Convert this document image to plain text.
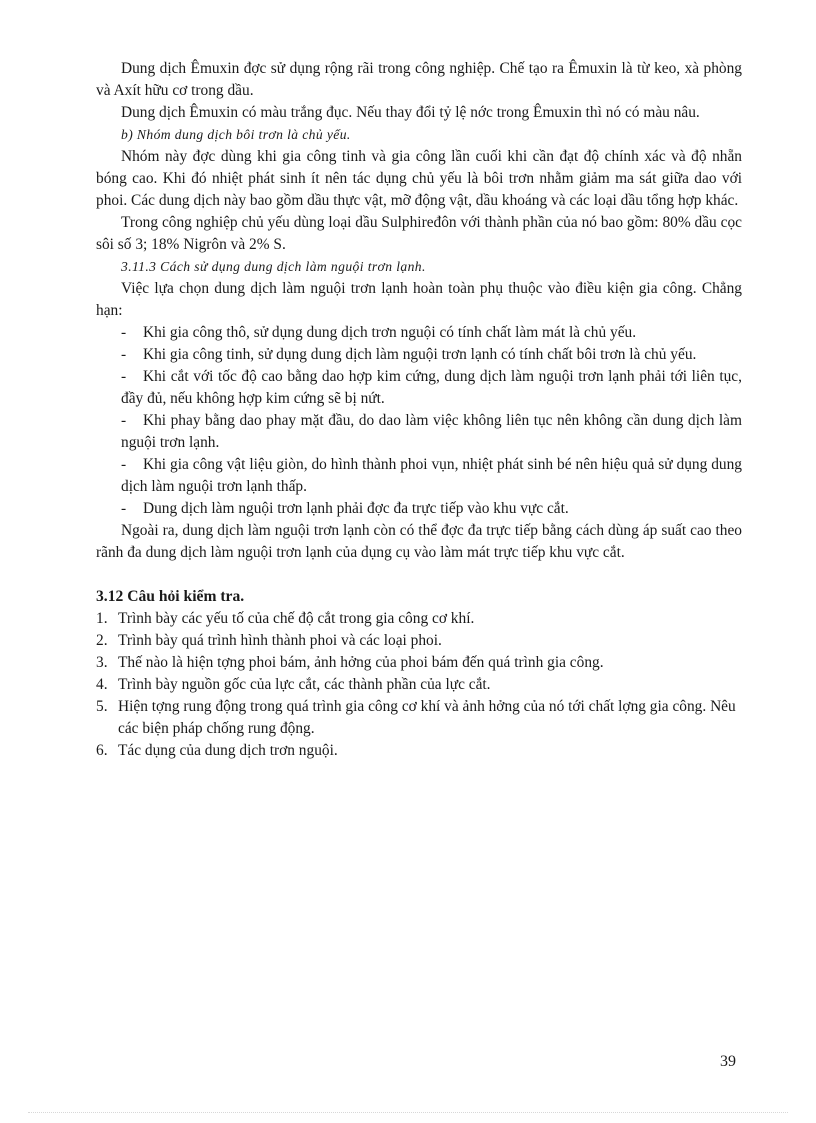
Dung dịch Êmuxin đợc sử dụng rộng rãi trong công nghiệp. Chế tạo ra Êmuxin là từ keo, xà phòng và Axít hữu cơ trong dầu.

Dung dịch Êmuxin có màu trắng đục. Nếu thay đổi tỷ lệ nớc trong Êmuxin thì nó có màu nâu.

b) Nhóm dung dịch bôi trơn là chủ yếu.

Nhóm này đợc dùng khi gia công tinh và gia công lần cuối khi cần đạt độ chính xác và độ nhẵn bóng cao. Khi đó nhiệt phát sinh ít nên tác dụng chủ yếu là bôi trơn nhằm giảm ma sát giữa dao với phoi. Các dung dịch này bao gồm dầu thực vật, mỡ động vật, dầu khoáng và các loại dầu tổng hợp khác.

Trong công nghiệp chủ yếu dùng loại dầu Sulphiređôn với thành phần của nó bao gồm: 80% dầu cọc sôi số 3; 18% Nigrôn và 2% S.

3.11.3 Cách sử dụng dung dịch làm nguội trơn lạnh.

Việc lựa chọn dung dịch làm nguội trơn lạnh hoàn toàn phụ thuộc vào điều kiện gia công. Chẳng hạn:

- Khi gia công thô, sử dụng dung dịch trơn nguội có tính chất làm mát là chủ yếu.

- Khi gia công tinh, sử dụng dung dịch làm nguội trơn lạnh có tính chất bôi trơn là chủ yếu.

- Khi cắt với tốc độ cao bằng dao hợp kim cứng, dung dịch làm nguội trơn lạnh phải tới liên tục, đầy đủ, nếu không hợp kim cứng sẽ bị nứt.

- Khi phay bằng dao phay mặt đầu, do dao làm việc không liên tục nên không cần dung dịch làm nguội trơn lạnh.

- Khi gia công vật liệu giòn, do hình thành phoi vụn, nhiệt phát sinh bé nên hiệu quả sử dụng dung dịch làm nguội trơn lạnh thấp.

- Dung dịch làm nguội trơn lạnh phải đợc đa trực tiếp vào khu vực cắt.

Ngoài ra, dung dịch làm nguội trơn lạnh còn có thể đợc đa trực tiếp bằng cách dùng áp suất cao theo rãnh đa dung dịch làm nguội trơn lạnh của dụng cụ vào làm mát trực tiếp khu vực cắt.

3.12 Câu hỏi kiểm tra.

1. Trình bày các yếu tố của chế độ cắt trong gia công cơ khí.
2. Trình bày quá trình hình thành phoi và các loại phoi.
3. Thế nào là hiện tợng phoi bám, ảnh hởng của phoi bám đến quá trình gia công.
4. Trình bày nguồn gốc của lực cắt, các thành phần của lực cắt.
5. Hiện tợng rung động trong quá trình gia công cơ khí và ảnh hởng của nó tới chất lợng gia công. Nêu các biện pháp chống rung động.
6. Tác dụng của dung dịch trơn nguội.
39
